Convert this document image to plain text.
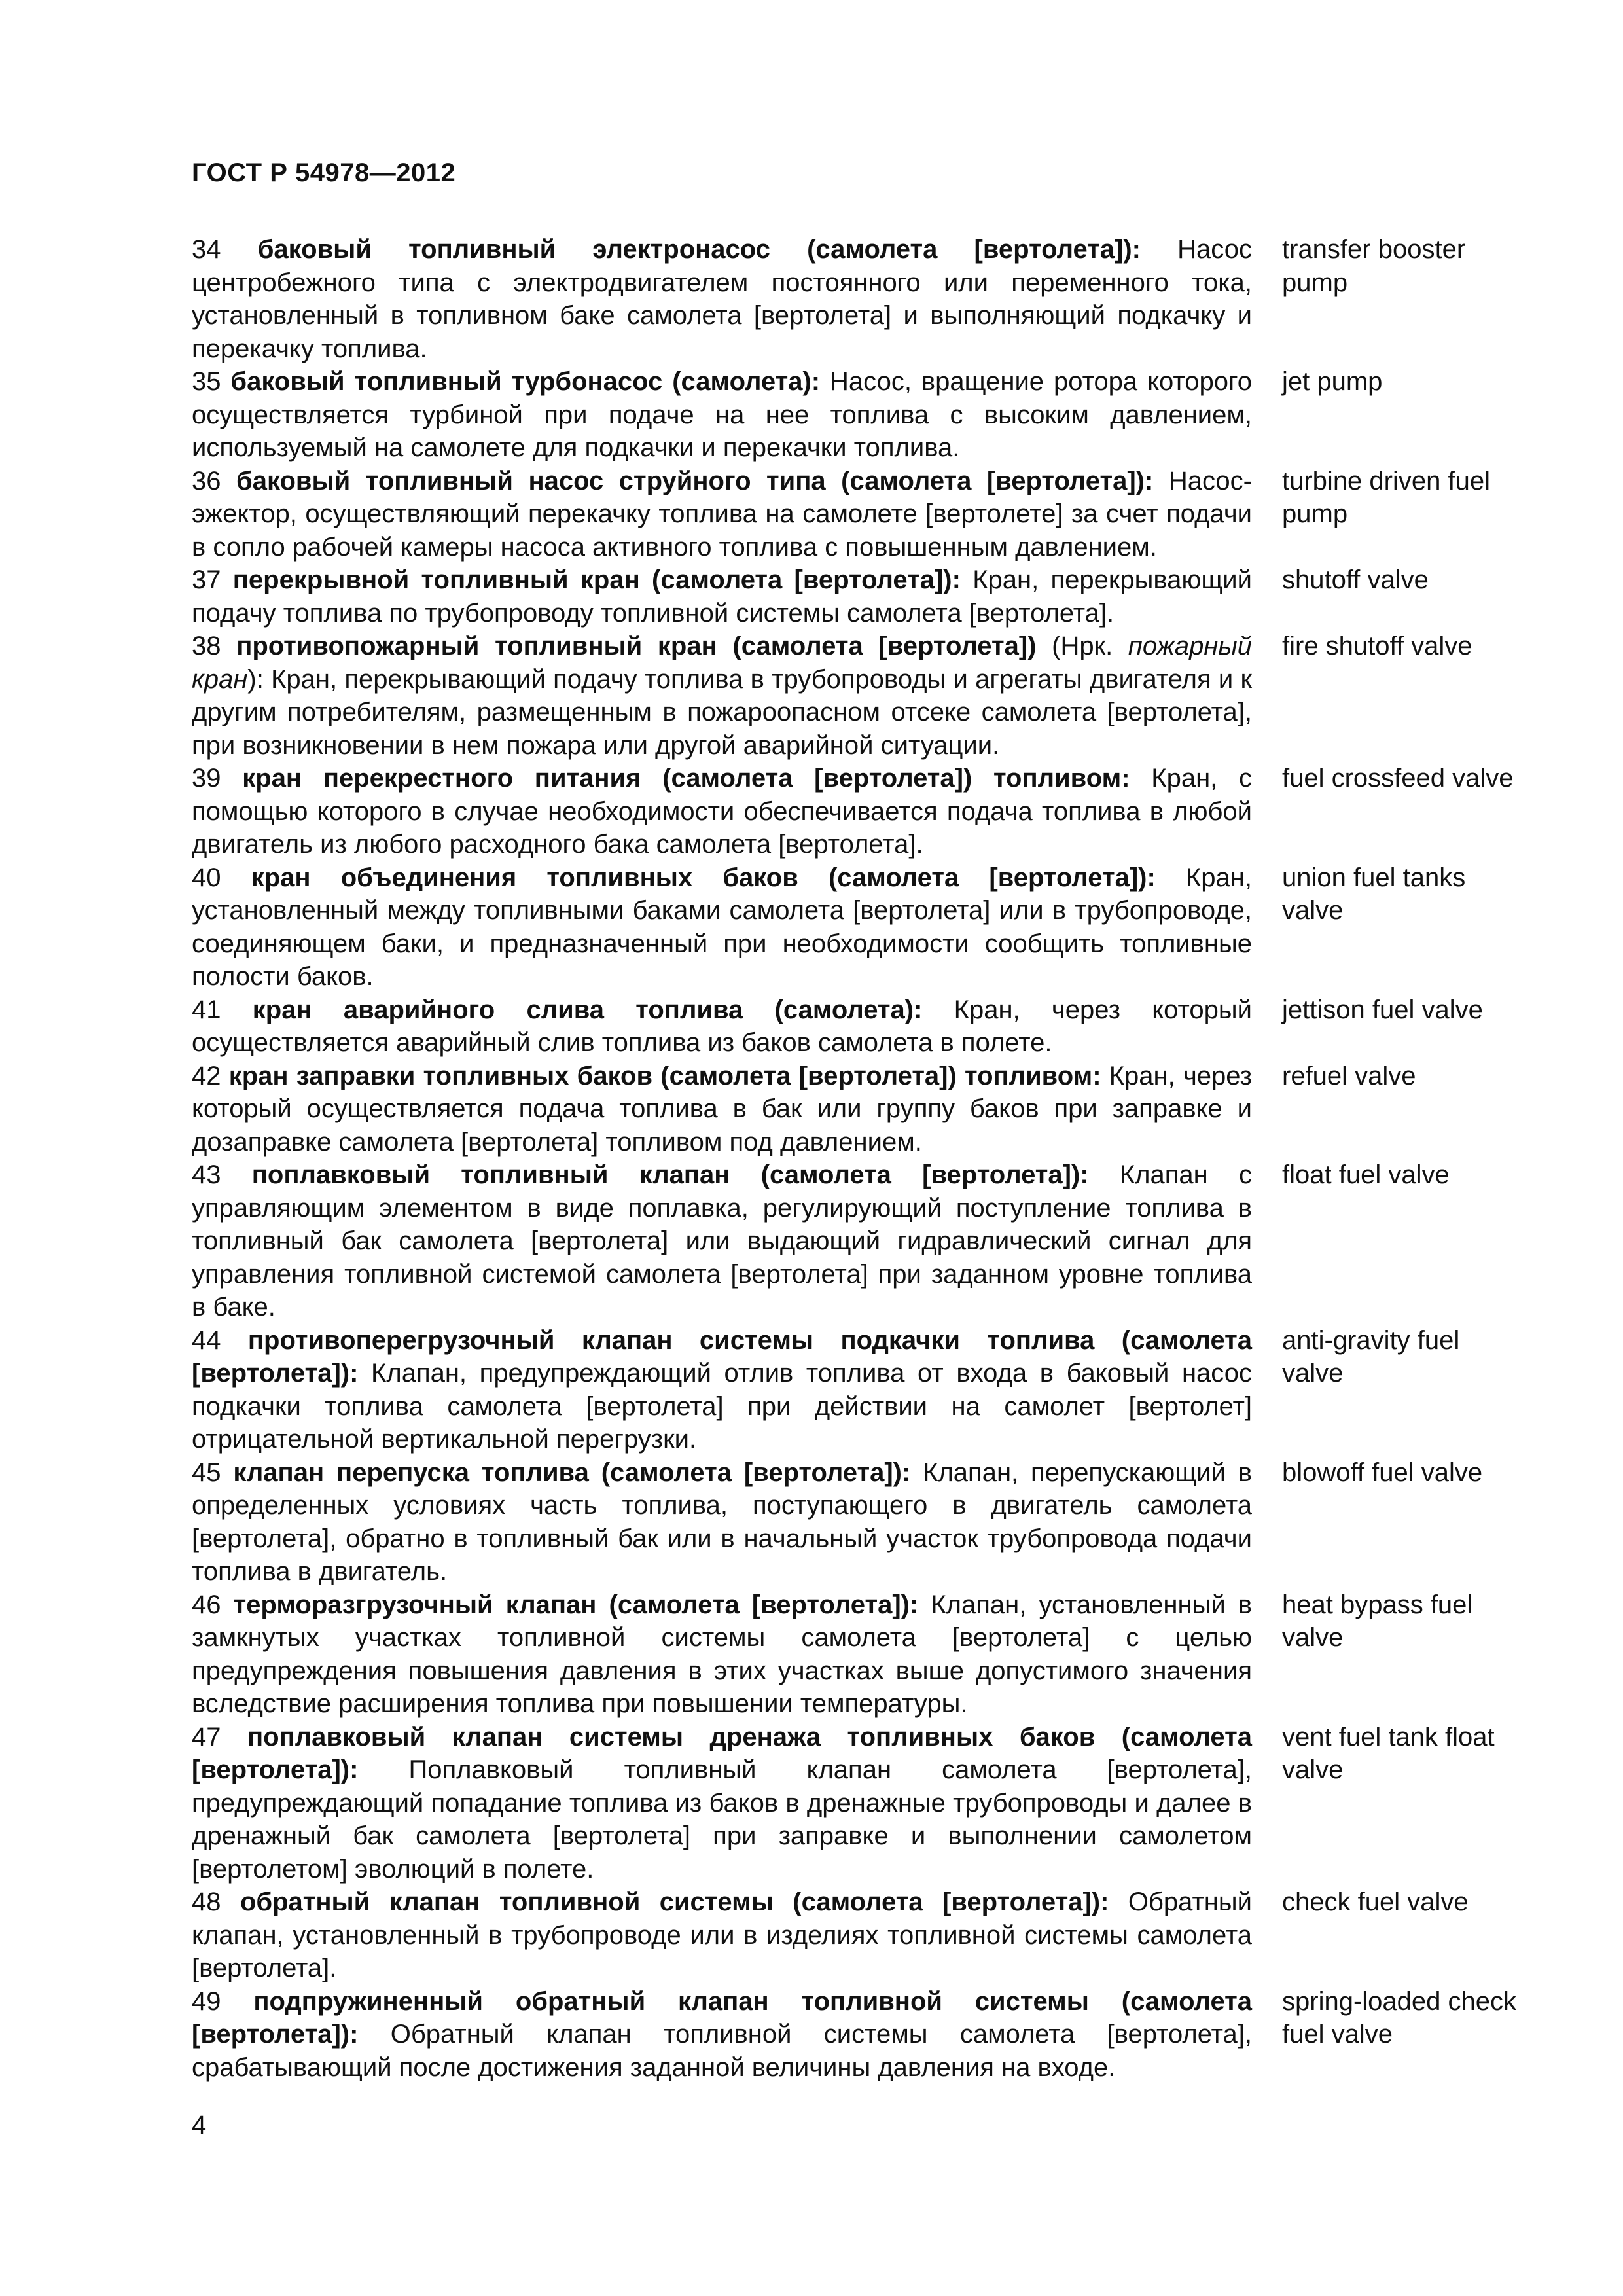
ГОСТ Р 54978—2012
34 баковый топливный электронасос (самолета [вертолета]): Насос центробежного типа с электродвигателем постоянного или переменного тока, установленный в топливном баке самолета [вертолета] и выполняющий подкачку и перекачку топлива.
transfer booster pump
35 баковый топливный турбонасос (самолета): Насос, вращение ротора которого осуществляется турбиной при подаче на нее топлива с высоким давлением, используемый на самолете для подкачки и перекачки топлива.
jet pump
36 баковый топливный насос струйного типа (самолета [вертолета]): Насос-эжектор, осуществляющий перекачку топлива на самолете [вертолете] за счет подачи в сопло рабочей камеры насоса активного топлива с повышенным давлением.
turbine driven fuel pump
37 перекрывной топливный кран (самолета [вертолета]): Кран, перекрывающий подачу топлива по трубопроводу топливной системы самолета [вертолета].
shutoff valve
38 противопожарный топливный кран (самолета [вертолета]) (Нрк. пожарный кран): Кран, перекрывающий подачу топлива в трубопроводы и агрегаты двигателя и к другим потребителям, размещенным в пожароопасном отсеке самолета [вертолета], при возникновении в нем пожара или другой аварийной ситуации.
fire shutoff valve
39 кран перекрестного питания (самолета [вертолета]) топливом: Кран, с помощью которого в случае необходимости обеспечивается подача топлива в любой двигатель из любого расходного бака самолета [вертолета].
fuel crossfeed valve
40 кран объединения топливных баков (самолета [вертолета]): Кран, установленный между топливными баками самолета [вертолета] или в трубопроводе, соединяющем баки, и предназначенный при необходимости сообщить топливные полости баков.
union fuel tanks valve
41 кран аварийного слива топлива (самолета): Кран, через который осуществляется аварийный слив топлива из баков самолета в полете.
jettison fuel valve
42 кран заправки топливных баков (самолета [вертолета]) топливом: Кран, через который осуществляется подача топлива в бак или группу баков при заправке и дозаправке самолета [вертолета] топливом под давлением.
refuel valve
43 поплавковый топливный клапан (самолета [вертолета]): Клапан с управляющим элементом в виде поплавка, регулирующий поступление топлива в топливный бак самолета [вертолета] или выдающий гидравлический сигнал для управления топливной системой самолета [вертолета] при заданном уровне топлива в баке.
float fuel valve
44 противоперегрузочный клапан системы подкачки топлива (самолета [вертолета]): Клапан, предупреждающий отлив топлива от входа в баковый насос подкачки топлива самолета [вертолета] при действии на самолет [вертолет] отрицательной вертикальной перегрузки.
anti-gravity fuel valve
45 клапан перепуска топлива (самолета [вертолета]): Клапан, перепускающий в определенных условиях часть топлива, поступающего в двигатель самолета [вертолета], обратно в топливный бак или в начальный участок трубопровода подачи топлива в двигатель.
blowoff fuel valve
46 терморазгрузочный клапан (самолета [вертолета]): Клапан, установленный в замкнутых участках топливной системы самолета [вертолета] с целью предупреждения повышения давления в этих участках выше допустимого значения вследствие расширения топлива при повышении температуры.
heat bypass fuel valve
47 поплавковый клапан системы дренажа топливных баков (самолета [вертолета]): Поплавковый топливный клапан самолета [вертолета], предупреждающий попадание топлива из баков в дренажные трубопроводы и далее в дренажный бак самолета [вертолета] при заправке и выполнении самолетом [вертолетом] эволюций в полете.
vent fuel tank float valve
48 обратный клапан топливной системы (самолета [вертолета]): Обратный клапан, установленный в трубопроводе или в изделиях топливной системы самолета [вертолета].
check fuel valve
49 подпружиненный обратный клапан топливной системы (самолета [вертолета]): Обратный клапан топливной системы самолета [вертолета], срабатывающий после достижения заданной величины давления на входе.
spring-loaded check fuel valve
4
